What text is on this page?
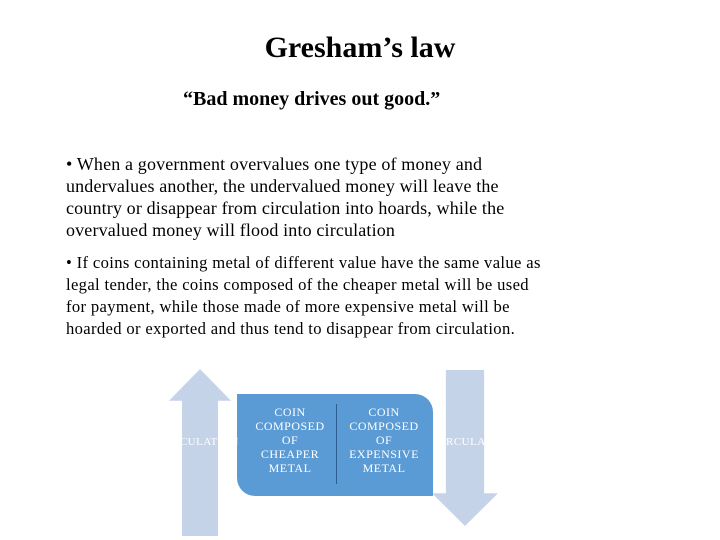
Gresham’s law
“Bad money drives out good.”
• When a government overvalues one type of money and
undervalues another, the undervalued money will leave the
country or disappear from circulation into hoards, while the
overvalued money will flood into circulation
• If coins containing metal of different value have the same value as
legal tender, the coins composed of the cheaper metal will be used
for payment, while those made of more expensive metal will be
hoarded or exported and thus tend to disappear from circulation.
CIRCULATION	CIRCULATION
COIN
COMPOSED
OF
CHEAPER
METAL
COIN
COMPOSED
OF
EXPENSIVE
METAL
